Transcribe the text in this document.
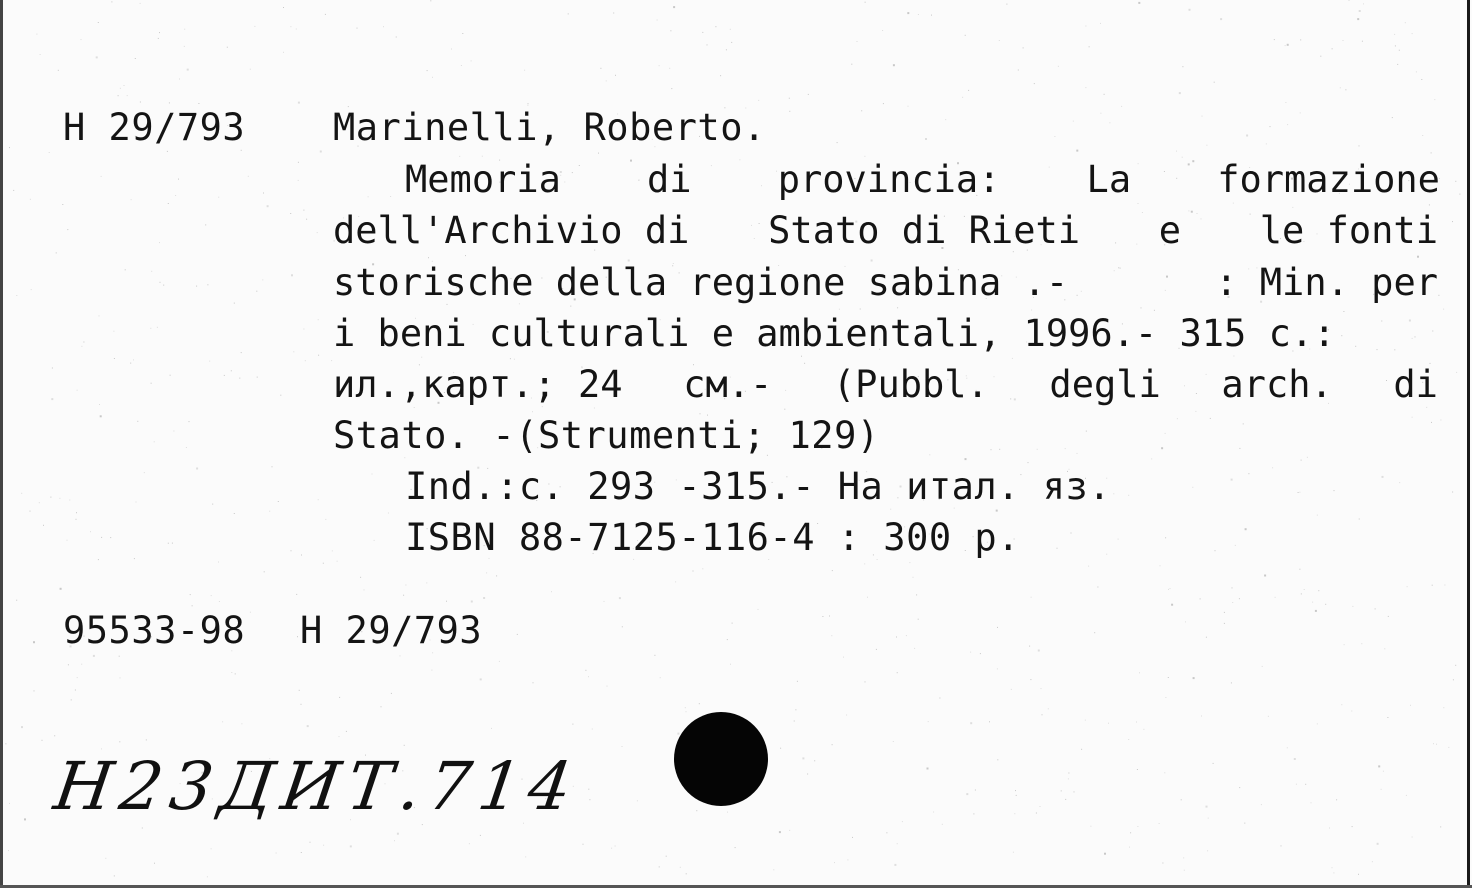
Н 29/793 Marinelli, Roberto.
Memoria di provincia: La formazione
dell'Archivio di Stato di Rieti e le fonti
storische della regione sabina .-	: Min. per
i beni culturali e ambientali, 1996.- 315 с.:
ил.,карт.; 24 см.- (Pubbl. degli arch. di
Stato. -(Strumenti; 129)
Ind.:с. 293 -315.- На итал. яз.
ISBN 88-7125-116-4 : 300 р.
95533-98 Н 29/793
Н23ДИТ.714
